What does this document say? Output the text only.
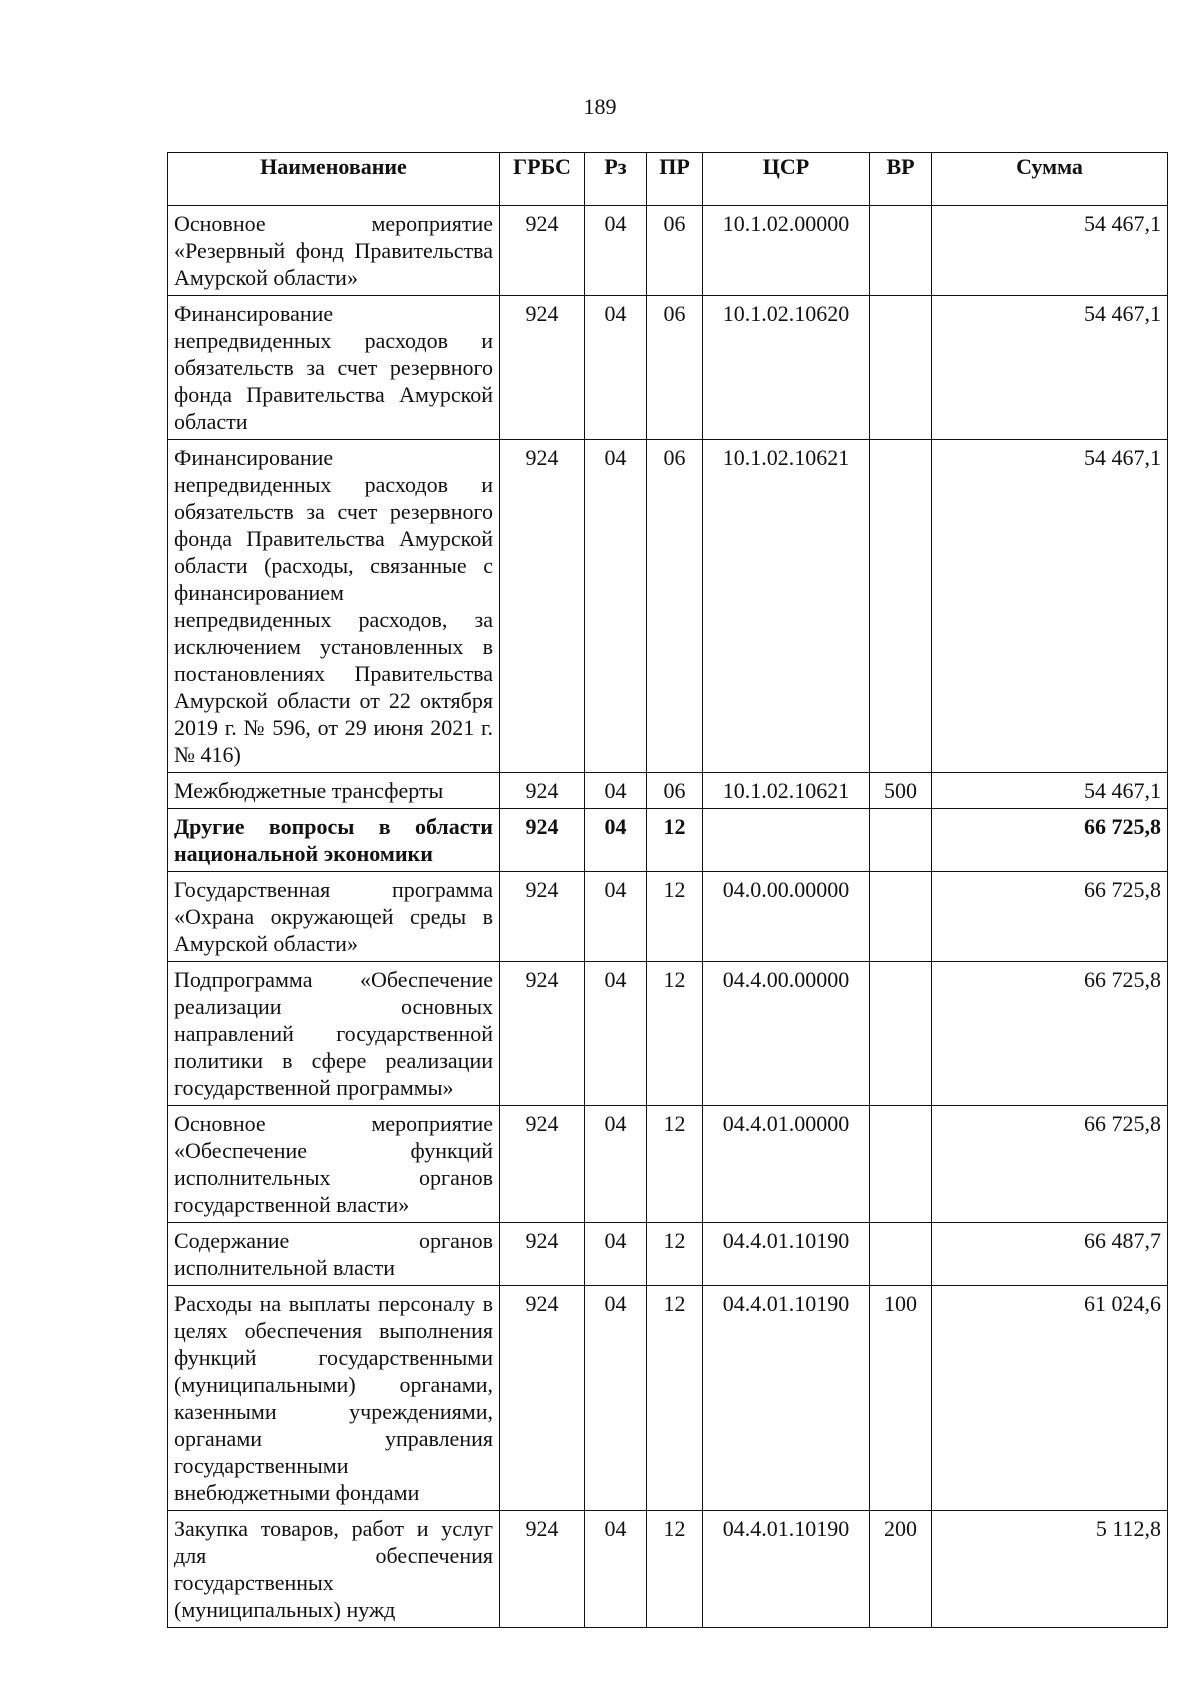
189
Наименование	ГРБС	Рз	ПР	ЦСР	ВР	Сумма
Основное мероприятие «Резервный фонд Правительства Амурской области»	924	04	06	10.1.02.00000		54 467,1
Финансирование непредвиденных расходов и обязательств за счет резервного фонда Правительства Амурской области	924	04	06	10.1.02.10620		54 467,1
Финансирование непредвиденных расходов и обязательств за счет резервного фонда Правительства Амурской области (расходы, связанные с финансированием непредвиденных расходов, за исключением установленных в постановлениях Правительства Амурской области от 22 октября 2019 г. № 596, от 29 июня 2021 г. № 416)	924	04	06	10.1.02.10621		54 467,1
Межбюджетные трансферты	924	04	06	10.1.02.10621	500	54 467,1
Другие вопросы в области национальной экономики	924	04	12			66 725,8
Государственная программа «Охрана окружающей среды в Амурской области»	924	04	12	04.0.00.00000		66 725,8
Подпрограмма «Обеспечение реализации основных направлений государственной политики в сфере реализации государственной программы»	924	04	12	04.4.00.00000		66 725,8
Основное мероприятие «Обеспечение функций исполнительных органов государственной власти»	924	04	12	04.4.01.00000		66 725,8
Содержание органов исполнительной власти	924	04	12	04.4.01.10190		66 487,7
Расходы на выплаты персоналу в целях обеспечения выполнения функций государственными (муниципальными) органами, казенными учреждениями, органами управления государственными внебюджетными фондами	924	04	12	04.4.01.10190	100	61 024,6
Закупка товаров, работ и услуг для обеспечения государственных (муниципальных) нужд	924	04	12	04.4.01.10190	200	5 112,8
